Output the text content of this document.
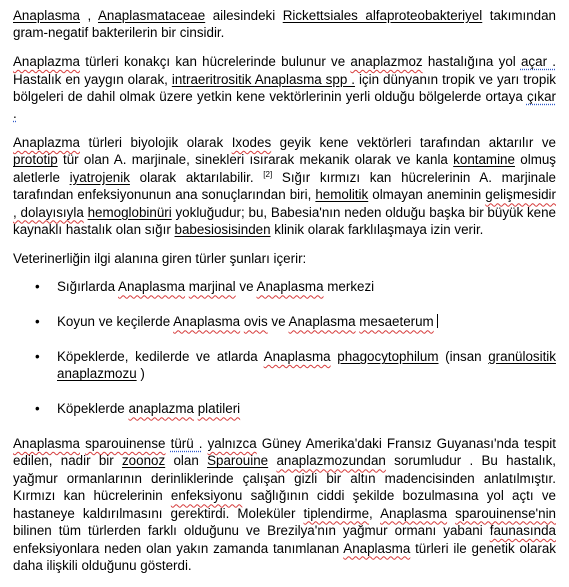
Anaplasma , Anaplasmataceae ailesindeki Rickettsiales alfaproteobakteriyel takımından gram-negatif bakterilerin bir cinsidir.

Anaplazma türleri konakçı kan hücrelerinde bulunur ve anaplazmoz hastalığına yol açar . Hastalık en yaygın olarak, intraeritrositik Anaplasma spp . için dünyanın tropik ve yarı tropik bölgeleri de dahil olmak üzere yetkin kene vektörlerinin yerli olduğu bölgelerde ortaya çıkar .

Anaplazma türleri biyolojik olarak Ixodes geyik kene vektörleri tarafından aktarılır ve prototip tür olan A. marjinale, sinekleri ısırarak mekanik olarak ve kanla kontamine olmuş aletlerle iyatrojenik olarak aktarılabilir. [2] Sığır kırmızı kan hücrelerinin A. marjinale tarafından enfeksiyonunun ana sonuçlarından biri, hemolitik olmayan aneminin gelişmesidir , dolayısıyla hemoglobinüri yokluğudur; bu, Babesia'nın neden olduğu başka bir büyük kene kaynaklı hastalık olan sığır babesiosisinden klinik olarak farklılaşmaya izin verir.

Veterinerliğin ilgi alanına giren türler şunları içerir:

• Sığırlarda Anaplasma marjinal ve Anaplasma merkezi
• Koyun ve keçilerde Anaplasma ovis ve Anaplasma mesaeterum
• Köpeklerde, kedilerde ve atlarda Anaplasma phagocytophilum (insan granülositik anaplazmozu )
• Köpeklerde anaplazma platileri

Anaplasma sparouinense türü . yalnızca Güney Amerika'daki Fransız Guyanası'nda tespit edilen, nadir bir zoonoz olan Sparouine anaplazmozundan sorumludur . Bu hastalık, yağmur ormanlarının derinliklerinde çalışan gizli bir altın madencisinden anlatılmıştır. Kırmızı kan hücrelerinin enfeksiyonu sağlığının ciddi şekilde bozulmasına yol açtı ve hastaneye kaldırılmasını gerektirdi. Moleküler tiplendirme, Anaplasma sparouinense'nin bilinen tüm türlerden farklı olduğunu ve Brezilya'nın yağmur ormanı yabani faunasında enfeksiyonlara neden olan yakın zamanda tanımlanan Anaplasma türleri ile genetik olarak daha ilişkili olduğunu gösterdi.
